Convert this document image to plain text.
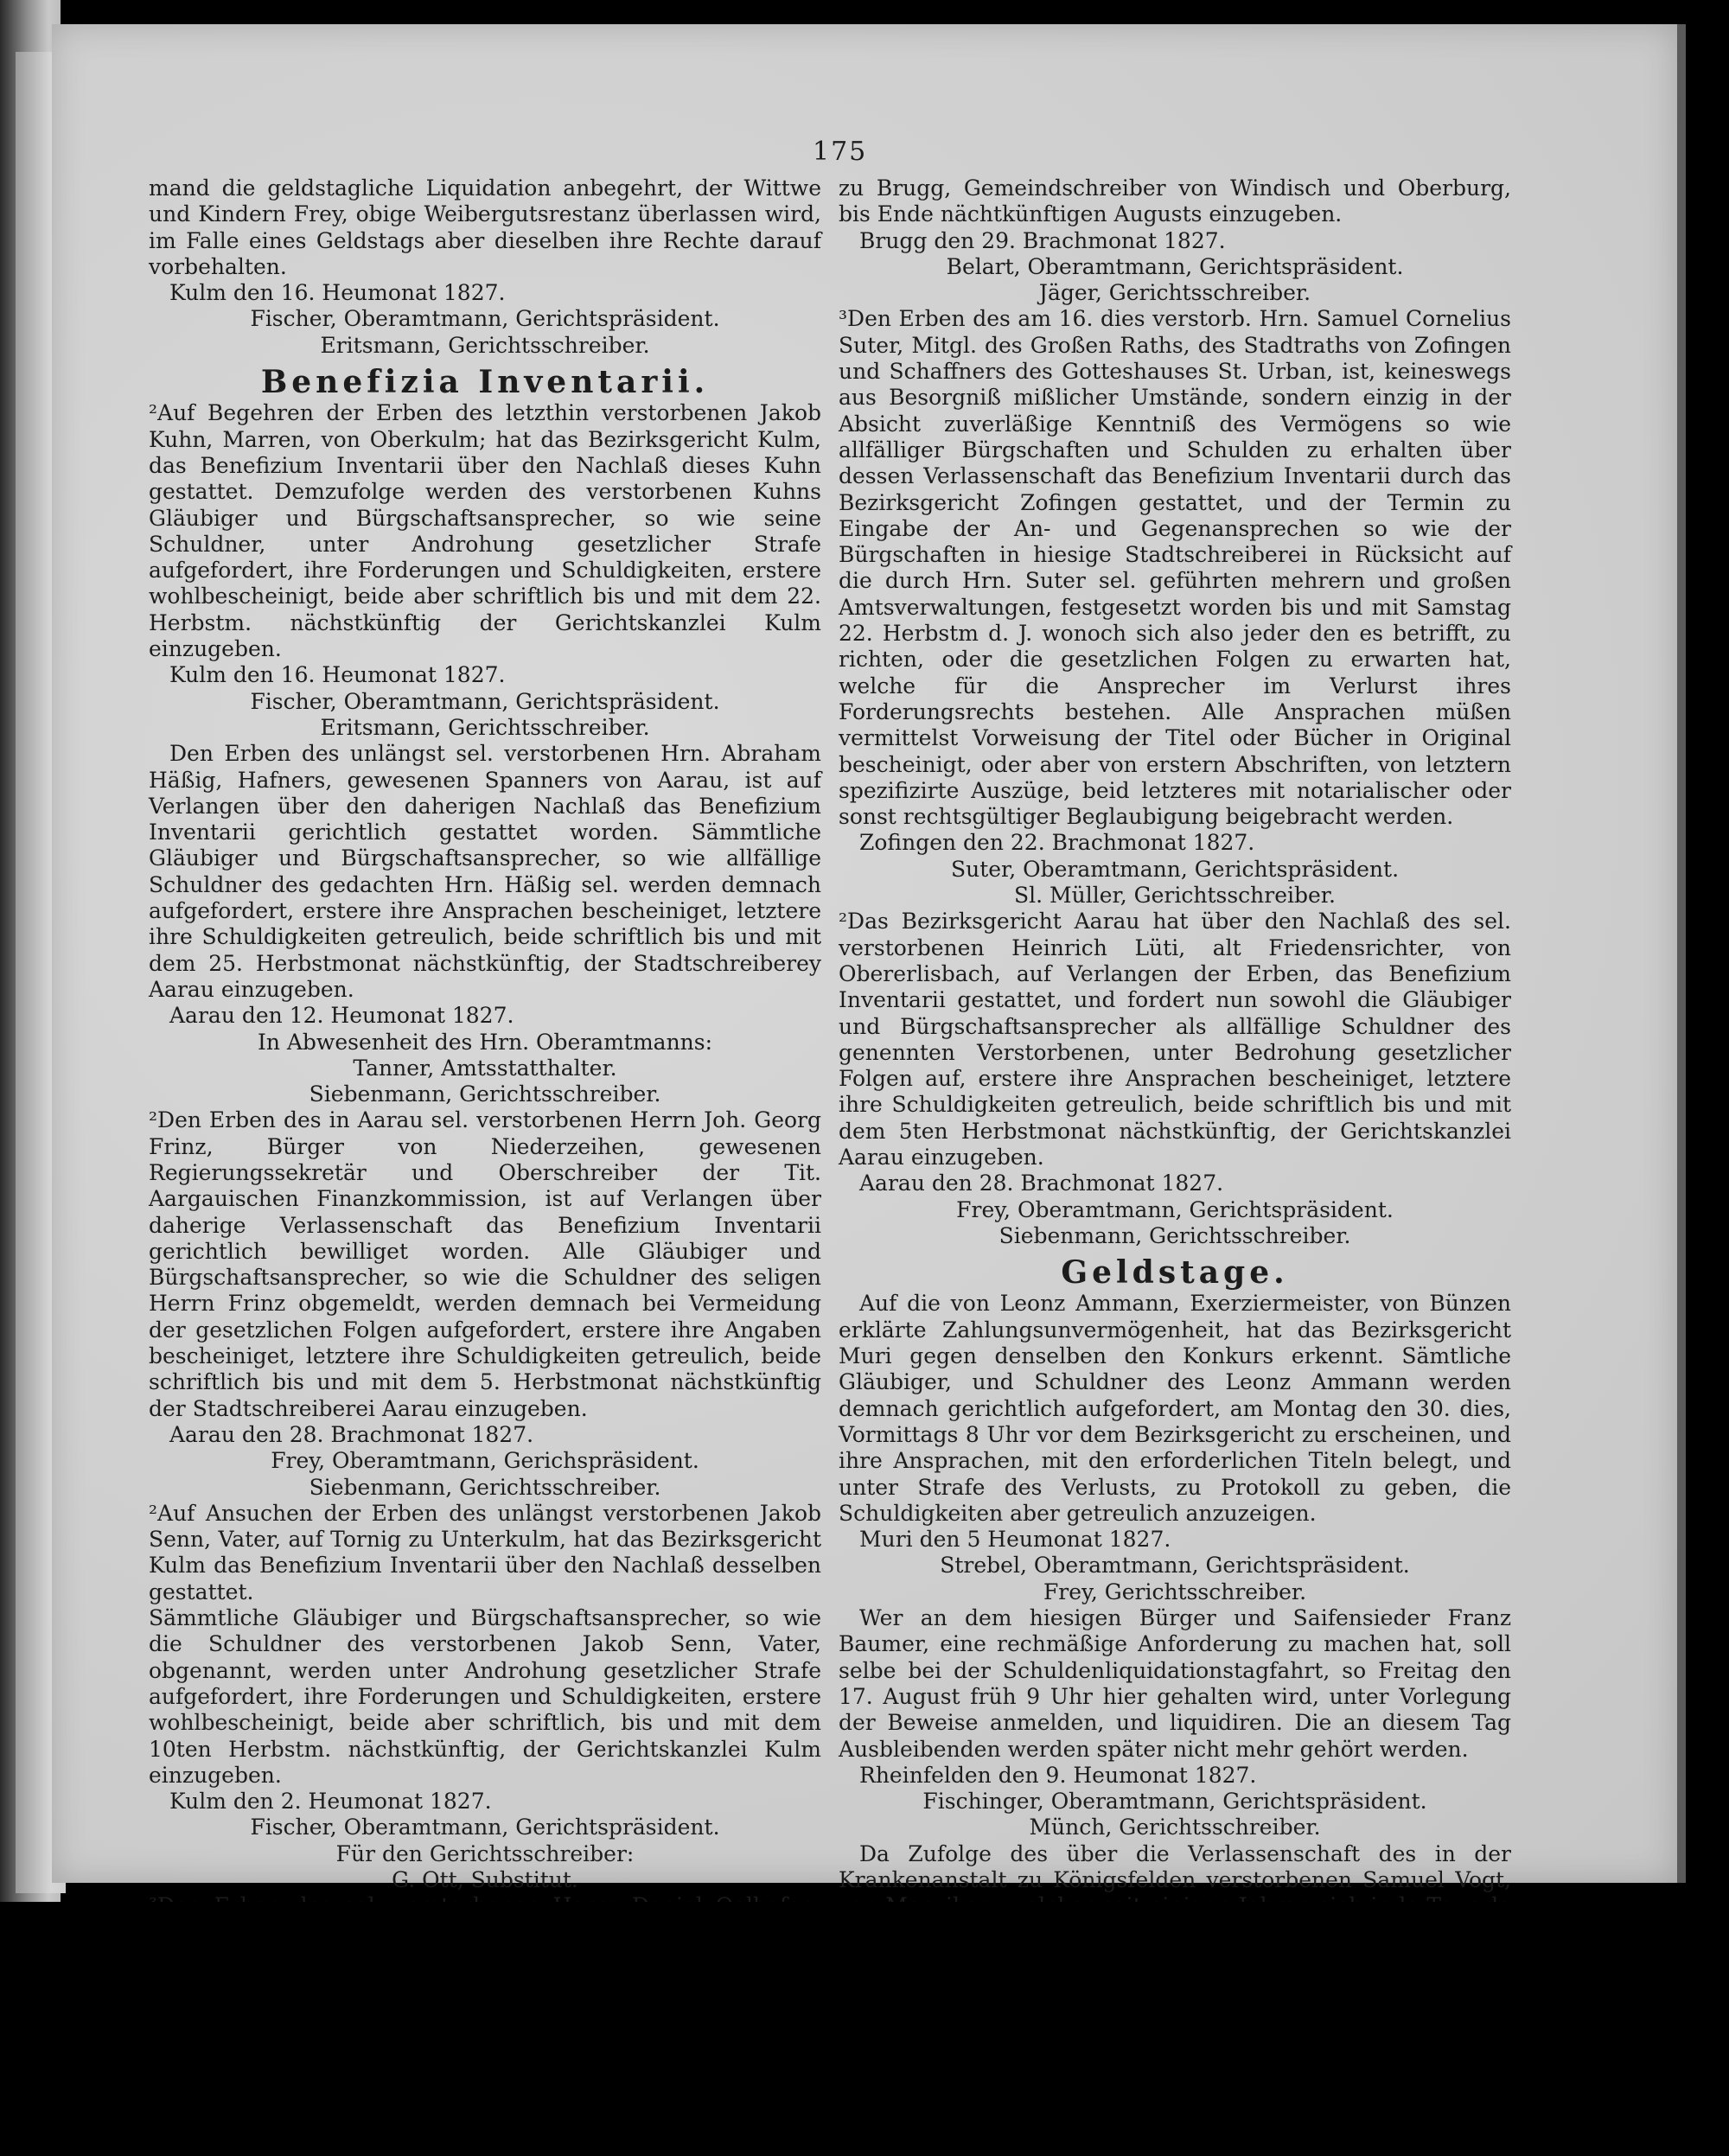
175

mand die geldstagliche Liquidation anbegehrt, der Wittwe und Kindern Frey, obige Weibergutsrestanz überlassen wird, im Falle eines Geldstags aber dieselben ihre Rechte darauf vorbehalten.

Kulm den 16. Heumonat 1827.

Fischer, Oberamtmann, Gerichtspräsident.

Eritsmann, Gerichtsschreiber.

Benefizia Inventarii.

²Auf Begehren der Erben des letzthin verstorbenen Jakob Kuhn, Marren, von Oberkulm; hat das Bezirksgericht Kulm, das Benefizium Inventarii über den Nachlaß dieses Kuhn gestattet. Demzufolge werden des verstorbenen Kuhns Gläubiger und Bürgschaftsansprecher, so wie seine Schuldner, unter Androhung gesetzlicher Strafe aufgefordert, ihre Forderungen und Schuldigkeiten, erstere wohlbescheinigt, beide aber schriftlich bis und mit dem 22. Herbstm. nächstkünftig der Gerichtskanzlei Kulm einzugeben.

Kulm den 16. Heumonat 1827.

Fischer, Oberamtmann, Gerichtspräsident.

Eritsmann, Gerichtsschreiber.

Den Erben des unlängst sel. verstorbenen Hrn. Abraham Häßig, Hafners, gewesenen Spanners von Aarau, ist auf Verlangen über den daherigen Nachlaß das Benefizium Inventarii gerichtlich gestattet worden. Sämmtliche Gläubiger und Bürgschaftsansprecher, so wie allfällige Schuldner des gedachten Hrn. Häßig sel. werden demnach aufgefordert, erstere ihre Ansprachen bescheiniget, letztere ihre Schuldigkeiten getreulich, beide schriftlich bis und mit dem 25. Herbstmonat nächstkünftig, der Stadtschreiberey Aarau einzugeben.

Aarau den 12. Heumonat 1827.

In Abwesenheit des Hrn. Oberamtmanns:

Tanner, Amtsstatthalter.

Siebenmann, Gerichtsschreiber.

²Den Erben des in Aarau sel. verstorbenen Herrn Joh. Georg Frinz, Bürger von Niederzeihen, gewesenen Regierungssekretär und Oberschreiber der Tit. Aargauischen Finanzkommission, ist auf Verlangen über daherige Verlassenschaft das Benefizium Inventarii gerichtlich bewilliget worden. Alle Gläubiger und Bürgschaftsansprecher, so wie die Schuldner des seligen Herrn Frinz obgemeldt, werden demnach bei Vermeidung der gesetzlichen Folgen aufgefordert, erstere ihre Angaben bescheiniget, letztere ihre Schuldigkeiten getreulich, beide schriftlich bis und mit dem 5. Herbstmonat nächstkünftig der Stadtschreiberei Aarau einzugeben.

Aarau den 28. Brachmonat 1827.

Frey, Oberamtmann, Gerichspräsident.

Siebenmann, Gerichtsschreiber.

²Auf Ansuchen der Erben des unlängst verstorbenen Jakob Senn, Vater, auf Tornig zu Unterkulm, hat das Bezirksgericht Kulm das Benefizium Inventarii über den Nachlaß desselben gestattet.

Sämmtliche Gläubiger und Bürgschaftsansprecher, so wie die Schuldner des verstorbenen Jakob Senn, Vater, obgenannt, werden unter Androhung gesetzlicher Strafe aufgefordert, ihre Forderungen und Schuldigkeiten, erstere wohlbescheinigt, beide aber schriftlich, bis und mit dem 10ten Herbstm. nächstkünftig, der Gerichtskanzlei Kulm einzugeben.

Kulm den 2. Heumonat 1827.

Fischer, Oberamtmann, Gerichtspräsident.

Für den Gerichtsschreiber:

G. Ott, Substitut.

zu Brugg, Gemeindschreiber von Windisch und Oberburg, bis Ende nächtkünftigen Augusts einzugeben.

Brugg den 29. Brachmonat 1827.

Belart, Oberamtmann, Gerichtspräsident.

Jäger, Gerichtsschreiber.

³Den Erben des am 16. dies verstorb. Hrn. Samuel Cornelius Suter, Mitgl. des Großen Raths, des Stadtraths von Zofingen und Schaffners des Gotteshauses St. Urban, ist, keineswegs aus Besorgniß mißlicher Umstände, sondern einzig in der Absicht zuverläßige Kenntniß des Vermögens so wie allfälliger Bürgschaften und Schulden zu erhalten über dessen Verlassenschaft das Benefizium Inventarii durch das Bezirksgericht Zofingen gestattet, und der Termin zu Eingabe der An- und Gegenansprechen so wie der Bürgschaften in hiesige Stadtschreiberei in Rücksicht auf die durch Hrn. Suter sel. geführten mehrern und großen Amtsverwaltungen, festgesetzt worden bis und mit Samstag 22. Herbstm d. J. wonoch sich also jeder den es betrifft, zu richten, oder die gesetzlichen Folgen zu erwarten hat, welche für die Ansprecher im Verlurst ihres Forderungsrechts bestehen. Alle Ansprachen müßen vermittelst Vorweisung der Titel oder Bücher in Original bescheinigt, oder aber von erstern Abschriften, von letztern spezifizirte Auszüge, beid letzteres mit notarialischer oder sonst rechtsgültiger Beglaubigung beigebracht werden.

Zofingen den 22. Brachmonat 1827.

Suter, Oberamtmann, Gerichtspräsident.

Sl. Müller, Gerichtsschreiber.

²Das Bezirksgericht Aarau hat über den Nachlaß des sel. verstorbenen Heinrich Lüti, alt Friedensrichter, von Obererlisbach, auf Verlangen der Erben, das Benefizium Inventarii gestattet, und fordert nun sowohl die Gläubiger und Bürgschaftsansprecher als allfällige Schuldner des genennten Verstorbenen, unter Bedrohung gesetzlicher Folgen auf, erstere ihre Ansprachen bescheiniget, letztere ihre Schuldigkeiten getreulich, beide schriftlich bis und mit dem 5ten Herbstmonat nächstkünftig, der Gerichtskanzlei Aarau einzugeben.

Aarau den 28. Brachmonat 1827.

Frey, Oberamtmann, Gerichtspräsident.

Siebenmann, Gerichtsschreiber.

Geldstage.

Auf die von Leonz Ammann, Exerziermeister, von Bünzen erklärte Zahlungsunvermögenheit, hat das Bezirksgericht Muri gegen denselben den Konkurs erkennt. Sämtliche Gläubiger, und Schuldner des Leonz Ammann werden demnach gerichtlich aufgefordert, am Montag den 30. dies, Vormittags 8 Uhr vor dem Bezirksgericht zu erscheinen, und ihre Ansprachen, mit den erforderlichen Titeln belegt, und unter Strafe des Verlusts, zu Protokoll zu geben, die Schuldigkeiten aber getreulich anzuzeigen.

Muri den 5 Heumonat 1827.

Strebel, Oberamtmann, Gerichtspräsident.

Frey, Gerichtsschreiber.

Wer an dem hiesigen Bürger und Saifensieder Franz Baumer, eine rechmäßige Anforderung zu machen hat, soll selbe bei der Schuldenliquidationstagfahrt, so Freitag den 17. August früh 9 Uhr hier gehalten wird, unter Vorlegung der Beweise anmelden, und liquidiren. Die an diesem Tag Ausbleibenden werden später nicht mehr gehört werden.

Rheinfelden den 9. Heumonat 1827.

Fischinger, Oberamtmann, Gerichtspräsident.

Münch, Gerichtsschreiber.

Da Zufolge des über die Verlassenschaft des in der Krankenanstalt zu Königsfelden verstorbenen Samuel Vogt,
